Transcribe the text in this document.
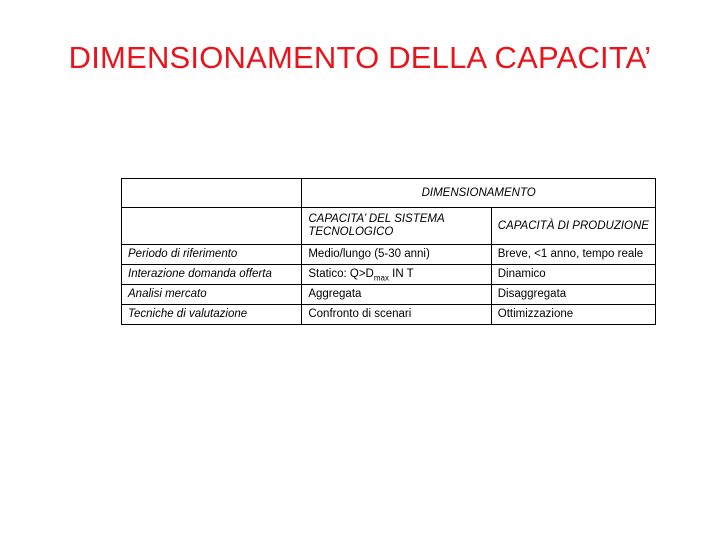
DIMENSIONAMENTO DELLA CAPACITA’
	DIMENSIONAMENTO	
	CAPACITA’ DEL SISTEMA TECNOLOGICO	CAPACITÀ DI PRODUZIONE
Periodo di riferimento	Medio/lungo (5-30 anni)	Breve, <1 anno, tempo reale
Interazione domanda offerta	Statico: $Q>D_{max}$ IN T	Dinamico
Analisi mercato	Aggregata	Disaggregata
Tecniche di valutazione	Confronto di scenari	Ottimizzazione
